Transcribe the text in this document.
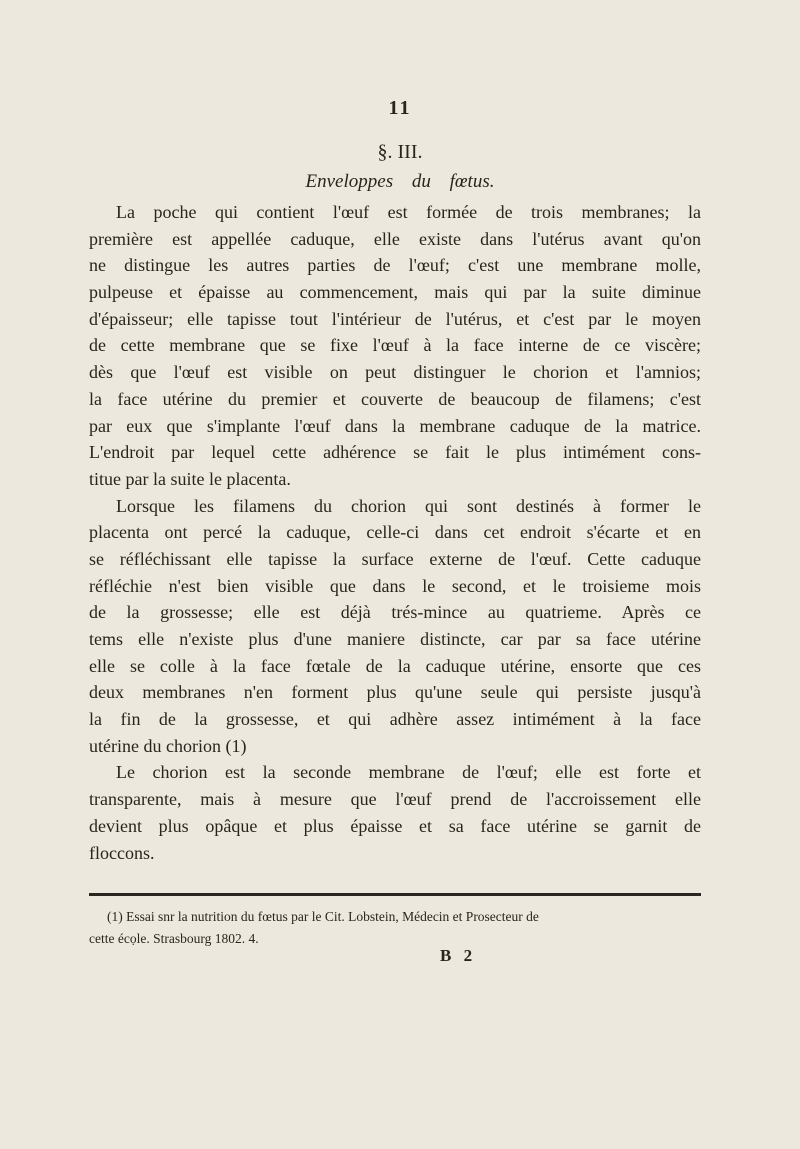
11
§. III.
Enveloppes du fœtus.
La poche qui contient l'œuf est formée de trois membranes; la
première est appellée caduque, elle existe dans l'utérus avant qu'on
ne distingue les autres parties de l'œuf; c'est une membrane molle,
pulpeuse et épaisse au commencement, mais qui par la suite diminue
d'épaisseur; elle tapisse tout l'intérieur de l'utérus, et c'est par le moyen
de cette membrane que se fixe l'œuf à la face interne de ce viscère;
dès que l'œuf est visible on peut distinguer le chorion et l'amnios;
la face utérine du premier et couverte de beaucoup de filamens; c'est
par eux que s'implante l'œuf dans la membrane caduque de la matrice.
L'endroit par lequel cette adhérence se fait le plus intimément cons-
titue par la suite le placenta.
Lorsque les filamens du chorion qui sont destinés à former le
placenta ont percé la caduque, celle-ci dans cet endroit s'écarte et en
se réfléchissant elle tapisse la surface externe de l'œuf. Cette caduque
réfléchie n'est bien visible que dans le second, et le troisieme mois
de la grossesse; elle est déjà trés-mince au quatrieme. Après ce
tems elle n'existe plus d'une maniere distincte, car par sa face utérine
elle se colle à la face fœtale de la caduque utérine, ensorte que ces
deux membranes n'en forment plus qu'une seule qui persiste jusqu'à
la fin de la grossesse, et qui adhère assez intimément à la face
utérine du chorion (1)
Le chorion est la seconde membrane de l'œuf; elle est forte et
transparente, mais à mesure que l'œuf prend de l'accroissement elle
devient plus opâque et plus épaisse et sa face utérine se garnit de
floccons.
(1) Essai snr la nutrition du fœtus par le Cit. Lobstein, Médecin et Prosecteur de
cette écọle. Strasbourg 1802. 4.
B 2
